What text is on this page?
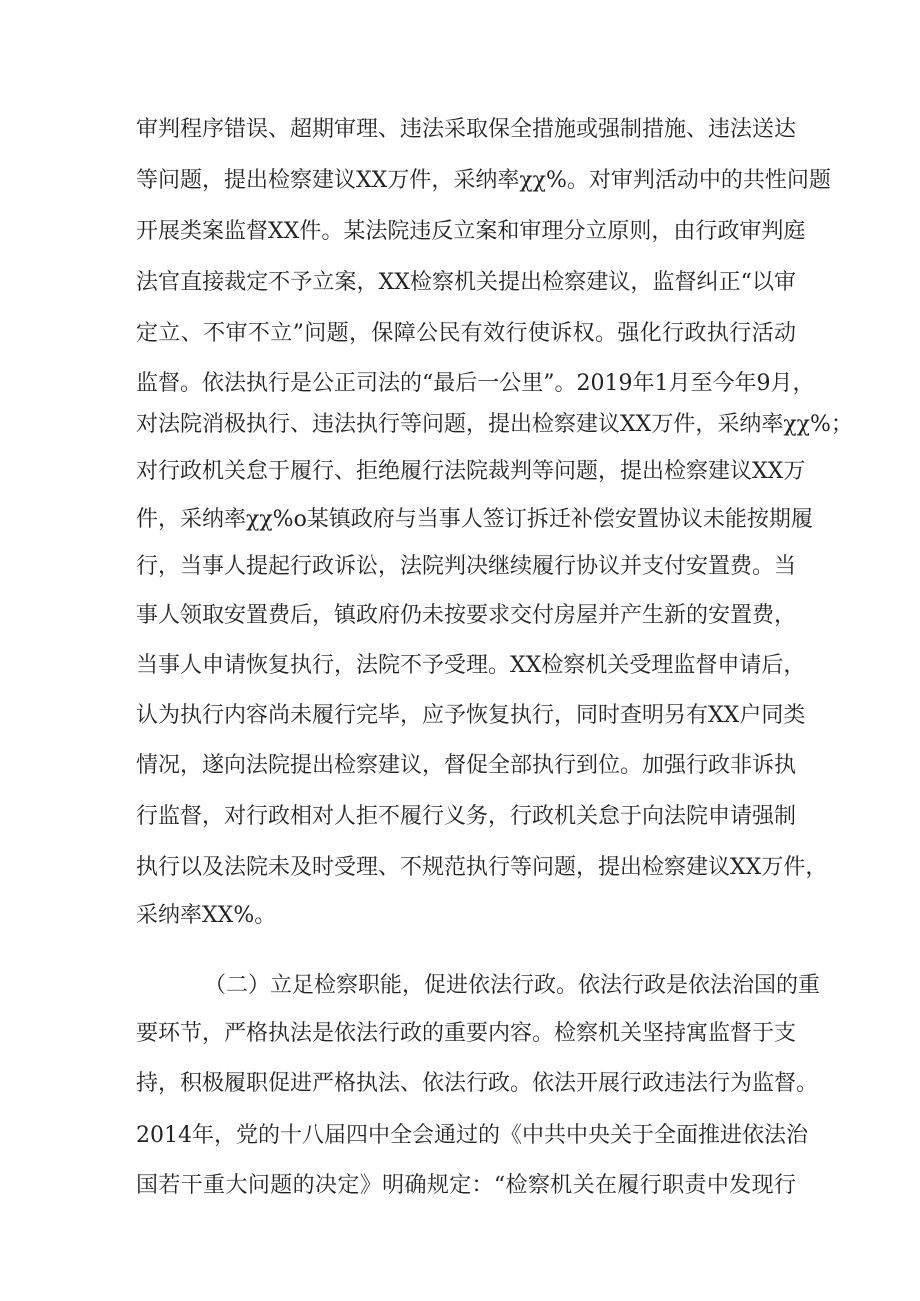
审判程序错误、超期审理、违法采取保全措施或强制措施、违法送达
等问题，提出检察建议XX万件，采纳率χχ%。对审判活动中的共性问题
开展类案监督XX件。某法院违反立案和审理分立原则，由行政审判庭
法官直接裁定不予立案，XX检察机关提出检察建议，监督纠正“以审
定立、不审不立”问题，保障公民有效行使诉权。强化行政执行活动
监督。依法执行是公正司法的“最后一公里”。2019年1月至今年9月，
对法院消极执行、违法执行等问题，提出检察建议XX万件，采纳率χχ%；
对行政机关怠于履行、拒绝履行法院裁判等问题，提出检察建议XX万
件，采纳率χχ%o某镇政府与当事人签订拆迁补偿安置协议未能按期履
行，当事人提起行政诉讼，法院判决继续履行协议并支付安置费。当
事人领取安置费后，镇政府仍未按要求交付房屋并产生新的安置费，
当事人申请恢复执行，法院不予受理。XX检察机关受理监督申请后，
认为执行内容尚未履行完毕，应予恢复执行，同时查明另有XX户同类
情况，遂向法院提出检察建议，督促全部执行到位。加强行政非诉执
行监督，对行政相对人拒不履行义务，行政机关怠于向法院申请强制
执行以及法院未及时受理、不规范执行等问题，提出检察建议XX万件，
采纳率XX%。
（二）立足检察职能，促进依法行政。依法行政是依法治国的重
要环节，严格执法是依法行政的重要内容。检察机关坚持寓监督于支
持，积极履职促进严格执法、依法行政。依法开展行政违法行为监督。
2014年，党的十八届四中全会通过的《中共中央关于全面推进依法治
国若干重大问题的决定》明确规定：“检察机关在履行职责中发现行
